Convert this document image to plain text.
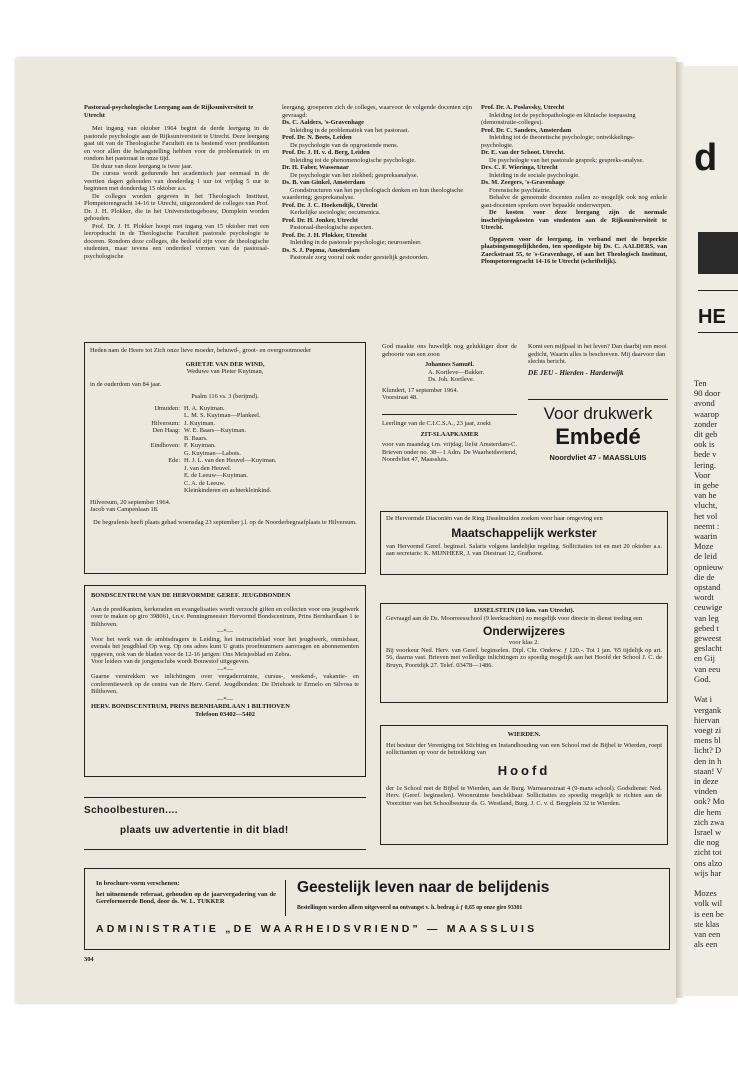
Pastoraal-psychologische Leergang aan de Rijksuniversiteit te Utrecht
Met ingang van oktober 1964 begint de derde leergang in de pastorale psychologie aan de Rijksuniversiteit te Utrecht. Deze leergang gaat uit van de Theologische Faculteit en is bestemd voor predikanten en voor allen die belangstelling hebben voor de problematiek in en rondom het pastoraat in onze tijd.
De duur van deze leergang is twee jaar.
De cursus wordt gedurende het academisch jaar eenmaal in de veertien dagen gehouden van donderdag 1 uur tot vrijdag 5 uur te beginnen met donderdag 15 oktober a.s.
De colleges worden gegeven in het Theologisch Instituut, Plompetorengracht 14-16 te Utrecht, uitgezonderd de colleges van Prof. Dr. J. H. Plokker, die in het Universiteitsgebouw, Domplein worden gehouden.
Prof. Dr. J. H. Plokker hoopt met ingang van 15 oktober met een leeropdracht in de Theologische Faculteit pastorale psychologie te doceren. Rondom deze colleges, die bedoeld zijn voor de theologische studenten, maar tevens een onderdeel vormen van de pastoraal-psychologische
leergang, groeperen zich de colleges, waarvoor de volgende docenten zijn gevraagd:
Ds. C. Aalders, 's-Gravenhage
Inleiding in de problematiek van het pastoraat.
Prof. Dr. N. Beets, Leiden
De psychologie van de opgroeiende mens.
Prof. Dr. J. H. v. d. Berg, Leiden
Inleiding tot de phenomenologische psychologie.
Dr. H. Faber, Wassenaar
De psychologie van het ziekbed; gespreksanalyse.
Ds. B. van Ginkel, Amsterdam
Grondstructuren van het psychologisch denken en hun theologische waardering; gesprekanalyse.
Prof. Dr. J. C. Hoekendijk, Utrecht
Kerkelijke sociologie; oecumenica.
Prof. Dr. H. Jonker, Utrecht
Pastoraal-theologische aspecten.
Prof. Dr. J. H. Plokker, Utrecht
Inleiding in de pastorale psychologie; neurosenleer.
Ds. S. J. Popma, Amsterdam
Pastorale zorg vooral ook onder geestelijk gestoorden.
Prof. Dr. A. Poslavsky, Utrecht
Inleiding tot de psychopathologie en klinische toepassing (demonstratie-colleges).
Prof. Dr. C. Sanders, Amsterdam
Inleiding tot de theoretische psychologie; ontwikkelings-psychologie.
Dr. E. van der Schoot, Utrecht.
De psychologie van het pastorale gesprek; gespreks-analyse.
Drs. C. F. Wieringa, Utrecht
Inleiding in de sociale psychologie.
Ds. M. Zeegers, 's-Gravenhage
Forensische psychiatrie.
Behalve de genoemde docenten zullen zo mogelijk ook nog enkele gast-docenten spreken over bepaalde onderwerpen.
De kosten voor deze leergang zijn de normale inschrijvingskosten van studenten aan de Rijksuniversiteit te Utrecht.
Opgaven voor de leergang, in verband met de beperkte plaatsingsmogelijkheden, ten spoedigste bij Ds. C. AALDERS, van Zaeckstraat 55, te 's-Gravenhage, of aan het Theologisch Instituut, Plompetorengracht 14-16 te Utrecht (schriftelijk).
Heden nam de Heere tot Zich onze lieve moeder, behuwd-, groot- en overgrootmoeder
GRIETJE VAN DER WIND,
Weduwe van Pieter Kuyiman,
in de ouderdom van 84 jaar.
Psalm 116 vs. 3 (berijmd).
IJmuiden: H. A. Kuyiman.
L. M. S. Kuyiman—Plankeel.
Hilversum: J. Kuyiman.
Den Haag: W. E. Baars—Kuyiman.
B. Baars.
Eindhoven: F. Kuyiman.
G. Kuyiman—Labots.
Ede: H. J. L. van den Heuvel—Kuyiman.
J. van den Heuvel.
E. de Leeuw—Kuyiman.
C. A. de Leeuw.
Kleinkinderen en achterkleinkind.
Hilversum, 20 september 1964.
Jacob van Campenlaan 18.
De begrafenis heeft plaats gehad woensdag 23 september j.l. op de Noorderbegraafplaats te Hilversum.
God maakte ons huwelijk nog gelukkiger door de geboorte van een zoon
Johannes Samuël.
A. Kortleve—Bakker.
Ds. Joh. Kortleve.
Klundert, 17 september 1964.
Voorstraat 48.
Leerlinge van de C.I.C.S.A., 23 jaar, zoekt
ZIT-SLAAPKAMER
voor van maandag t.m. vrijdag; liefst Amsterdam-C. Brieven onder no. 38—1 Adm. De Waarheidsvriend, Noordvliet 47, Maassluis.
Komt een mijlpaal in het leven? Dan daarbij een mooi gedicht, Waarin alles is beschreven. Mij daarvoor dan slechts bericht.
DE JEU - Hierden - Harderwijk
Voor drukwerk
Embedé
Noordvliet 47 - MAASSLUIS
De Hervormde Diaconiën van de Ring IJsselmuiden zoeken voor haar omgeving een
Maatschappelijk werkster
van Hervormd Geref. beginsel. Salaris volgens landelijke regeling. Sollicitaties tot en met 20 oktober a.s. aan secretaris: K. MIJNHEER, J. van Diestraat 12, Grafhorst.
BONDSCENTRUM VAN DE HERVORMDE GEREF. JEUGDBONDEN
Aan de predikanten, kerkeraden en evangelisaties wordt verzocht giften en collecten voor ons jeugdwerk over te maken op giro 398061, t.n.v. Penningmeester Hervormd Bondscentrum, Prins Bernhardlaan 1 te Bilthoven.
—*—
Voor het werk van de ambtsdragers is Leiding, het instructieblad voor het jeugdwerk, onmisbaar, evenals het jeugdblad Op weg. Op ons adres kunt U gratis proefnummers aanvragen en abonnementen opgeven, ook van de bladen voor de 12-16 jarigen: Ons Meisjesblad en Zebra.
Voor leiders van de jongensclubs wordt Bouwstof uitgegeven.
—*—
Gaarne verstrekken we inlichtingen over vergaderruimte, cursus-, weekend-, vakantie- en conferentiewerk op de centra van de Herv. Geref. Jeugdbonden: De Driehoek te Ermelo en Silvosa te Bilthoven.
—*—
HERV. BONDSCENTRUM, PRINS BERNHARDLAAN 1 BILTHOVEN
Telefoon 03402—5402
Schoolbesturen....
plaats uw advertentie in dit blad!
IJSSELSTEIN (10 km. van Utrecht).
Gevraagd aan de Ds. Moorreesschool (9 leerkrachten) zo mogelijk voor directe in dienst treding een
Onderwijzeres
voor klas 2.
Bij voorkeur Ned. Herv. van Geref. beginselen. Dipl. Chr. Onderw. ƒ 120.-. Tot 1 jan. '65 tijdelijk op art. 56, daarna vast. Brieven met volledige inlichtingen zo spoedig mogelijk aan het Hoofd der School J. C. de Bruyn, Poortdijk 27. Telef. 03478—1486.
WIERDEN.
Het bestuur der Vereniging tot Stichting en Instandhouding van een School met de Bijbel te Wierden, roept sollicitanten op voor de betrekking van
Hoofd
der 1e School met de Bijbel te Wierden, aan de Burg. Warnaarsstraat 4 (9-mans school). Godsdienst: Ned. Herv. (Geref. beginselen). Woonruimte beschikbaar. Sollicitaties zo spoedig mogelijk te richten aan de Voorzitter van het Schoolbestuur ds. G. Westland, Burg. J. C. v. d. Bergplein 32 te Wierden.
In brochure-vorm verschenen:
het uitnemende referaat, gehouden op de jaarvergadering van de Gereformeerde Bond, door ds. W. L. TUKKER
Geestelijk leven naar de belijdenis
Bestellingen worden alleen uitgevoerd na ontvangst v. h. bedrag à ƒ 0,65 op onze giro 93301
ADMINISTRATIE „DE WAARHEIDSVRIEND" — MAASSLUIS
304
d
HE
Ten
90 door
avond
waarop
zonder
dit geb
ook is
bede v
lering.
Voor
in gebe
van he
vlucht,
het vol
neemt :
waarin
Moze
de leid
opnieuw
die de
opstand
wordt
ceuwige
van leg
gebed t
geweest
geslacht
en Gij
van eeu
God.

Wat i
vergank
hiervan
voegt zi
mens bl
licht? D
den in h
staan! V
in deze
vinden
ook? Mo
die hem
zich zwa
Israel w
die nog
zicht tot
ons alzo
wijs har

Mozes
volk wil
is een be
ste klas
van een
als een
